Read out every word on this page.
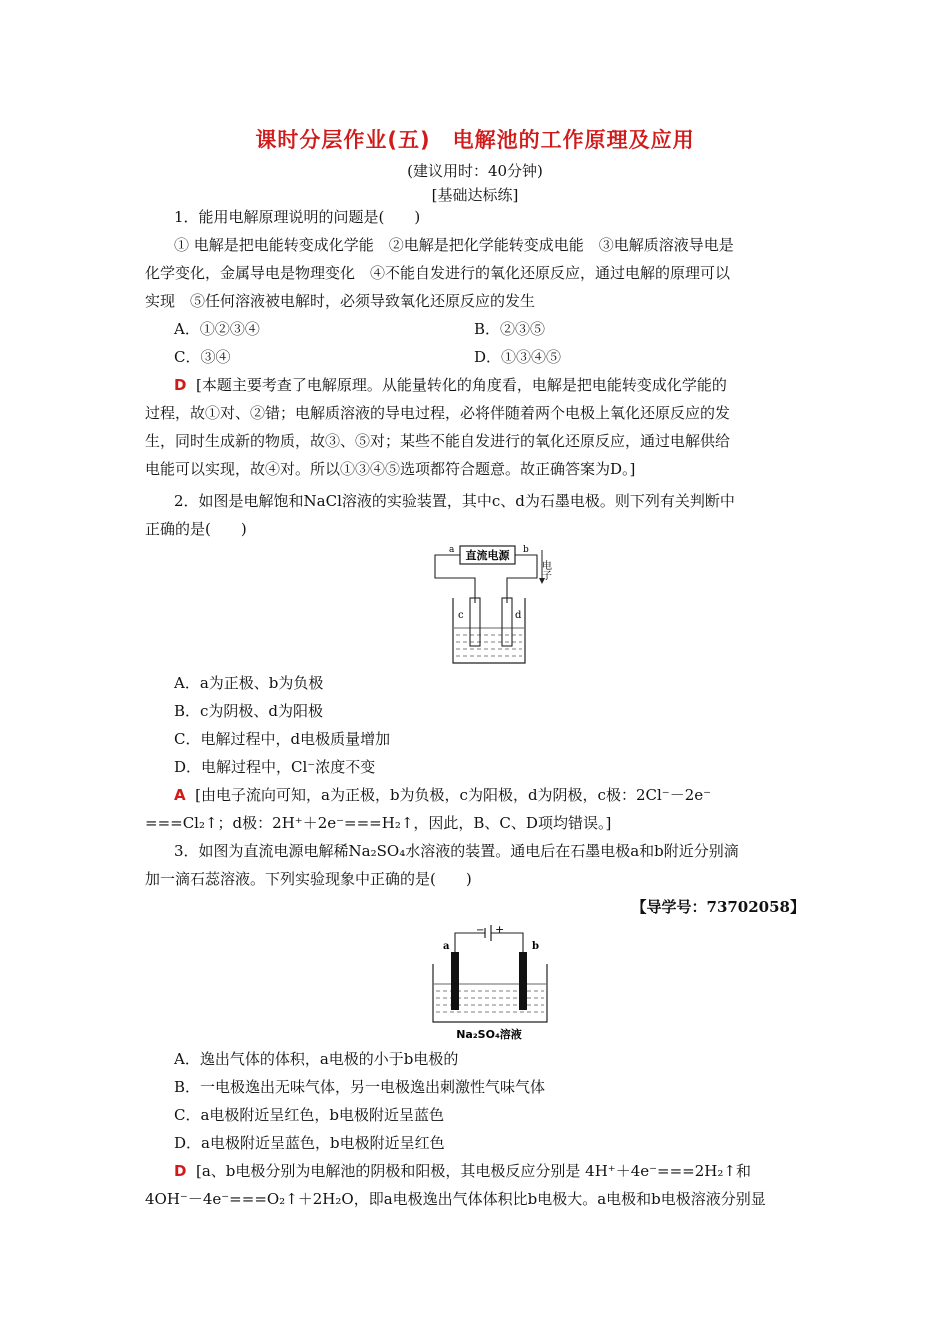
课时分层作业(五)　电解池的工作原理及应用
(建议用时：40分钟)
[基础达标练]
1．能用电解原理说明的问题是(　　)
① 电解是把电能转变成化学能　②电解是把化学能转变成电能　③电解质溶液导电是
化学变化，金属导电是物理变化　④不能自发进行的氧化还原反应，通过电解的原理可以
实现　⑤任何溶液被电解时，必须导致氧化还原反应的发生
A．①②③④	B．②③⑤
C．③④	D．①③④⑤
D [本题主要考查了电解原理。从能量转化的角度看，电解是把电能转变成化学能的
过程，故①对、②错；电解质溶液的导电过程，必将伴随着两个电极上氧化还原反应的发
生，同时生成新的物质，故③、⑤对；某些不能自发进行的氧化还原反应，通过电解供给
电能可以实现，故④对。所以①③④⑤选项都符合题意。故正确答案为D。]
2．如图是电解饱和NaCl溶液的实验装置，其中c、d为石墨电极。则下列有关判断中
正确的是(　　)
直流电源
a	b
电子
c	d
A．a为正极、b为负极
B．c为阴极、d为阳极
C．电解过程中，d电极质量增加
D．电解过程中，Cl⁻浓度不变
A [由电子流向可知，a为正极，b为负极，c为阳极，d为阴极，c极：2Cl⁻－2e⁻
===Cl₂↑；d极：2H⁺＋2e⁻===H₂↑，因此，B、C、D项均错误。]
3．如图为直流电源电解稀Na₂SO₄水溶液的装置。通电后在石墨电极a和b附近分别滴
加一滴石蕊溶液。下列实验现象中正确的是(　　)
【导学号：73702058】
− +
a	b
Na₂SO₄溶液
A．逸出气体的体积，a电极的小于b电极的
B．一电极逸出无味气体，另一电极逸出刺激性气味气体
C．a电极附近呈红色，b电极附近呈蓝色
D．a电极附近呈蓝色，b电极附近呈红色
D [a、b电极分别为电解池的阴极和阳极，其电极反应分别是 4H⁺＋4e⁻===2H₂↑和
4OH⁻－4e⁻===O₂↑＋2H₂O，即a电极逸出气体体积比b电极大。a电极和b电极溶液分别显
